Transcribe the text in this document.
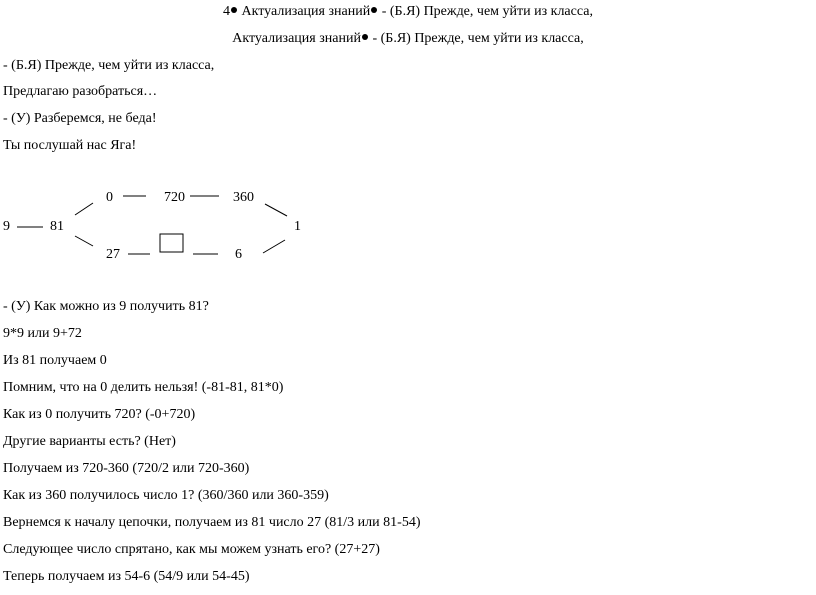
4 Актуализация знаний - (Б.Я) Прежде, чем уйти из класса,
Актуализация знаний - (Б.Я) Прежде, чем уйти из класса,
- (Б.Я) Прежде, чем уйти из класса,
Предлагаю разобраться…
- (У) Разберемся, не беда!
Ты послушай нас Яга!
9	81
0	720	360
1
27	6
- (У) Как можно из 9 получить 81?
9*9 или 9+72
Из 81 получаем 0
Помним, что на 0 делить нельзя! (-81-81, 81*0)
Как из 0 получить 720? (-0+720)
Другие варианты есть? (Нет)
Получаем из 720-360 (720/2 или 720-360)
Как из 360 получилось число 1? (360/360 или 360-359)
Вернемся к началу цепочки, получаем из 81 число 27 (81/3 или 81-54)
Следующее число спрятано, как мы можем узнать его? (27+27)
Теперь получаем из 54-6 (54/9 или 54-45)
